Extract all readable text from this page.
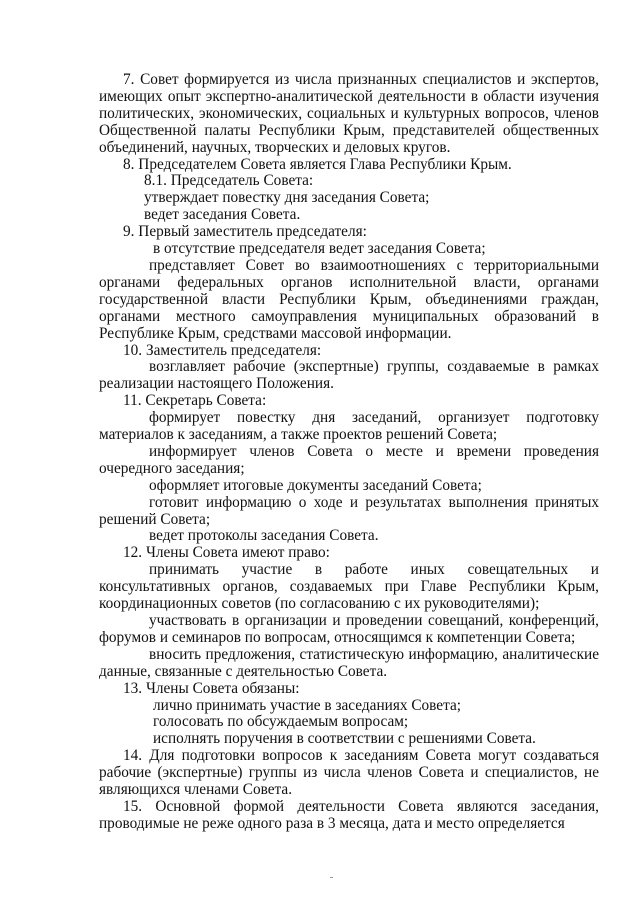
7. Совет формируется из числа признанных специалистов и экспертов, имеющих опыт экспертно-аналитической деятельности в области изучения политических, экономических, социальных и культурных вопросов, членов Общественной палаты Республики Крым, представителей общественных объединений, научных, творческих и деловых кругов.

8. Председателем Совета является Глава Республики Крым.

8.1. Председатель Совета:

утверждает повестку дня заседания Совета;

ведет заседания Совета.

9. Первый заместитель председателя:

в отсутствие председателя ведет заседания Совета;

представляет Совет во взаимоотношениях с территориальными органами федеральных органов исполнительной власти, органами государственной власти Республики Крым, объединениями граждан, органами местного самоуправления муниципальных образований в Республике Крым, средствами массовой информации.

10. Заместитель председателя:

возглавляет рабочие (экспертные) группы, создаваемые в рамках реализации настоящего Положения.

11. Секретарь Совета:

формирует повестку дня заседаний, организует подготовку материалов к заседаниям, а также проектов решений Совета;

информирует членов Совета о месте и времени проведения очередного заседания;

оформляет итоговые документы заседаний Совета;

готовит информацию о ходе и результатах выполнения принятых решений Совета;

ведет протоколы заседания Совета.

12. Члены Совета имеют право:

принимать участие в работе иных совещательных и консультативных органов, создаваемых при Главе Республики Крым, координационных советов (по согласованию с их руководителями);

участвовать в организации и проведении совещаний, конференций, форумов и семинаров по вопросам, относящимся к компетенции Совета;

вносить предложения, статистическую информацию, аналитические данные, связанные с деятельностью Совета.

13. Члены Совета обязаны:

лично принимать участие в заседаниях Совета;

голосовать по обсуждаемым вопросам;

исполнять поручения в соответствии с решениями Совета.

14. Для подготовки вопросов к заседаниям Совета могут создаваться рабочие (экспертные) группы из числа членов Совета и специалистов, не являющихся членами Совета.

15. Основной формой деятельности Совета являются заседания, проводимые не реже одного раза в 3 месяца, дата и место определяется
